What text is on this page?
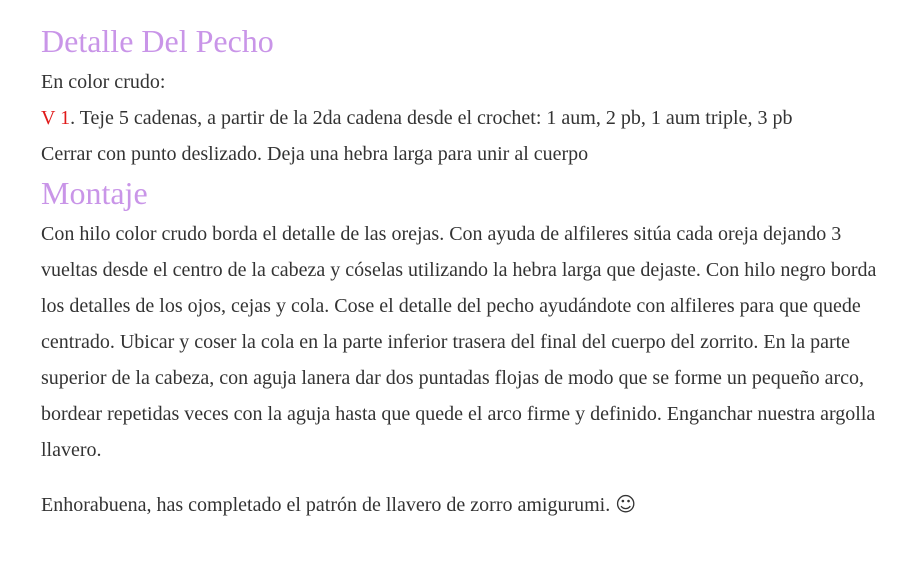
Detalle Del Pecho

En color crudo:

V 1. Teje 5 cadenas, a partir de la 2da cadena desde el crochet: 1 aum, 2 pb, 1 aum triple, 3 pb

Cerrar con punto deslizado. Deja una hebra larga para unir al cuerpo

Montaje

Con hilo color crudo borda el detalle de las orejas. Con ayuda de alfileres sitúa cada oreja dejando 3 vueltas desde el centro de la cabeza y cóselas utilizando la hebra larga que dejaste. Con hilo negro borda los detalles de los ojos, cejas y cola. Cose el detalle del pecho ayudándote con alfileres para que quede centrado. Ubicar y coser la cola en la parte inferior trasera del final del cuerpo del zorrito. En la parte superior de la cabeza, con aguja lanera dar dos puntadas flojas de modo que se forme un pequeño arco, bordear repetidas veces con la aguja hasta que quede el arco firme y definido. Enganchar nuestra argolla llavero.

Enhorabuena, has completado el patrón de llavero de zorro amigurumi. ☺
